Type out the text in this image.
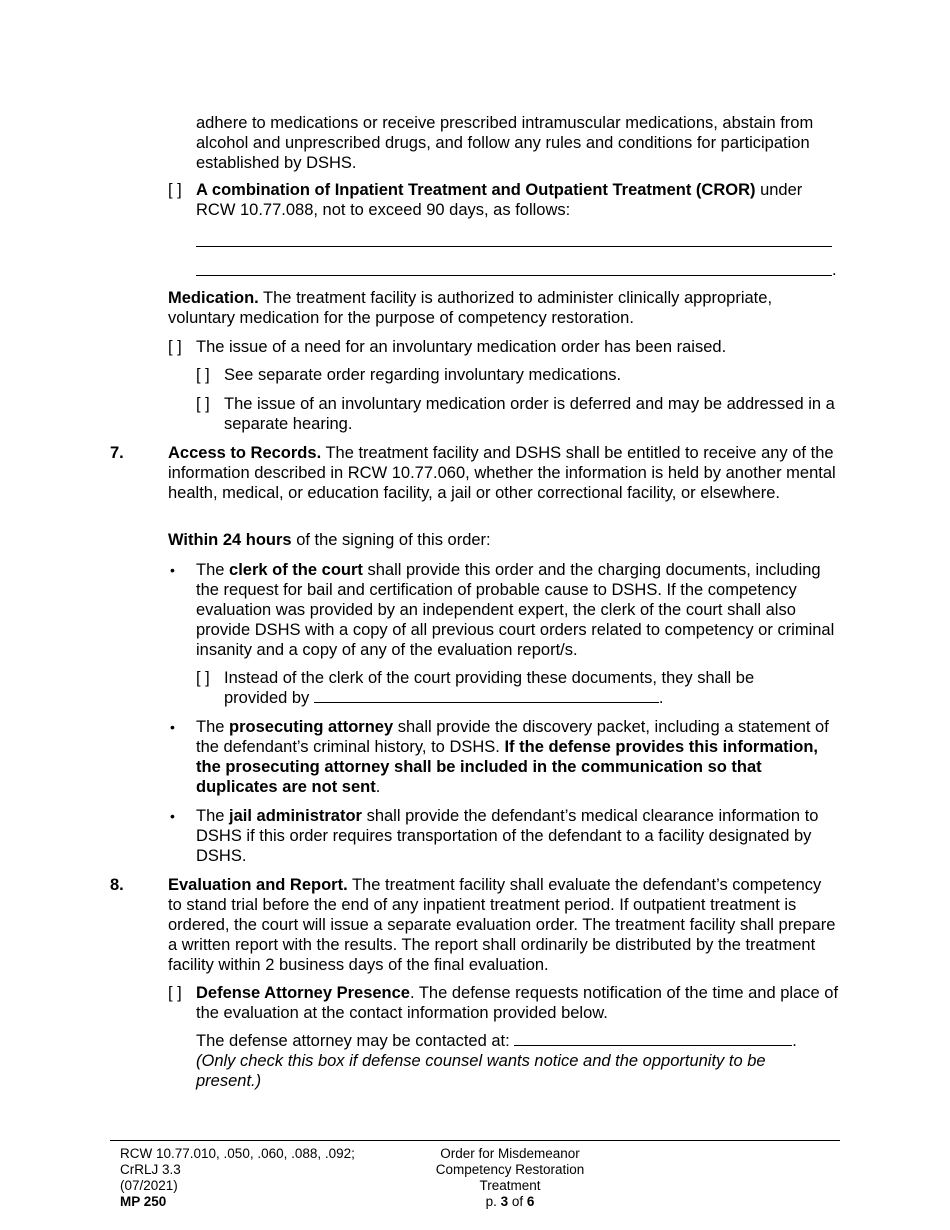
adhere to medications or receive prescribed intramuscular medications, abstain from alcohol and unprescribed drugs, and follow any rules and conditions for participation established by DSHS.
[ ] A combination of Inpatient Treatment and Outpatient Treatment (CROR) under RCW 10.77.088, not to exceed 90 days, as follows:
.
Medication. The treatment facility is authorized to administer clinically appropriate, voluntary medication for the purpose of competency restoration.
[ ] The issue of a need for an involuntary medication order has been raised.
[ ] See separate order regarding involuntary medications.
[ ] The issue of an involuntary medication order is deferred and may be addressed in a separate hearing.
7.	Access to Records. The treatment facility and DSHS shall be entitled to receive any of the information described in RCW 10.77.060, whether the information is held by another mental health, medical, or education facility, a jail or other correctional facility, or elsewhere.
Within 24 hours of the signing of this order:
• The clerk of the court shall provide this order and the charging documents, including the request for bail and certification of probable cause to DSHS. If the competency evaluation was provided by an independent expert, the clerk of the court shall also provide DSHS with a copy of all previous court orders related to competency or criminal insanity and a copy of any of the evaluation report/s.
[ ] Instead of the clerk of the court providing these documents, they shall be provided by	.
• The prosecuting attorney shall provide the discovery packet, including a statement of the defendant’s criminal history, to DSHS. If the defense provides this information, the prosecuting attorney shall be included in the communication so that duplicates are not sent.
• The jail administrator shall provide the defendant’s medical clearance information to DSHS if this order requires transportation of the defendant to a facility designated by DSHS.
8.	Evaluation and Report. The treatment facility shall evaluate the defendant’s competency to stand trial before the end of any inpatient treatment period. If outpatient treatment is ordered, the court will issue a separate evaluation order. The treatment facility shall prepare a written report with the results. The report shall ordinarily be distributed by the treatment facility within 2 business days of the final evaluation.
[ ] Defense Attorney Presence. The defense requests notification of the time and place of the evaluation at the contact information provided below.
The defense attorney may be contacted at:	.
(Only check this box if defense counsel wants notice and the opportunity to be present.)
RCW 10.77.010, .050, .060, .088, .092;
CrRLJ 3.3
(07/2021)
MP 250
Order for Misdemeanor
Competency Restoration
Treatment
p. 3 of 6
